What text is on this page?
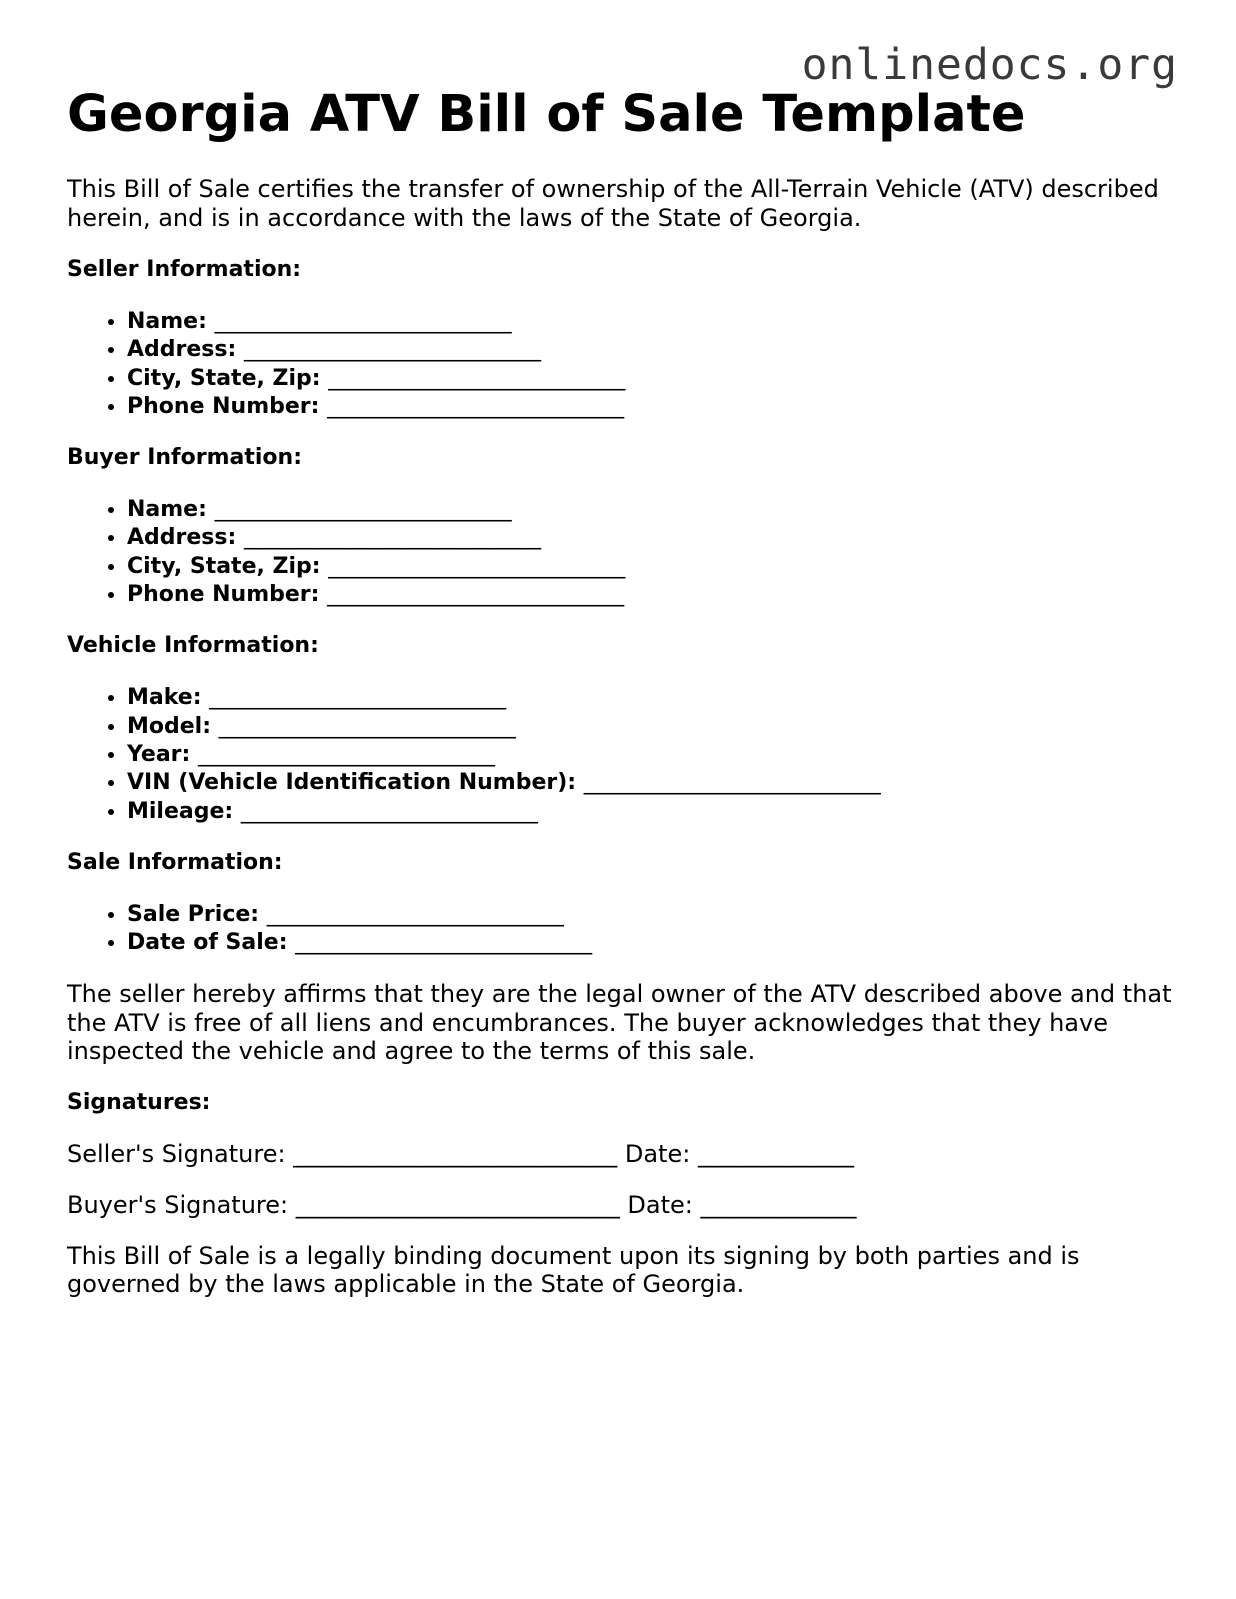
onlinedocs.org
Georgia ATV Bill of Sale Template

This Bill of Sale certifies the transfer of ownership of the All-Terrain Vehicle (ATV) described herein, and is in accordance with the laws of the State of Georgia.

Seller Information:
• Name: ___________________________
• Address: ___________________________
• City, State, Zip: ___________________________
• Phone Number: ___________________________
Buyer Information:
• Name: ___________________________
• Address: ___________________________
• City, State, Zip: ___________________________
• Phone Number: ___________________________
Vehicle Information:
• Make: ___________________________
• Model: ___________________________
• Year: ___________________________
• VIN (Vehicle Identification Number): ___________________________
• Mileage: ___________________________
Sale Information:
• Sale Price: ___________________________
• Date of Sale: ___________________________

The seller hereby affirms that they are the legal owner of the ATV described above and that the ATV is free of all liens and encumbrances. The buyer acknowledges that they have inspected the vehicle and agree to the terms of this sale.

Signatures:
Seller's Signature: ___________________________ Date: _____________
Buyer's Signature: ___________________________ Date: _____________

This Bill of Sale is a legally binding document upon its signing by both parties and is governed by the laws applicable in the State of Georgia.
